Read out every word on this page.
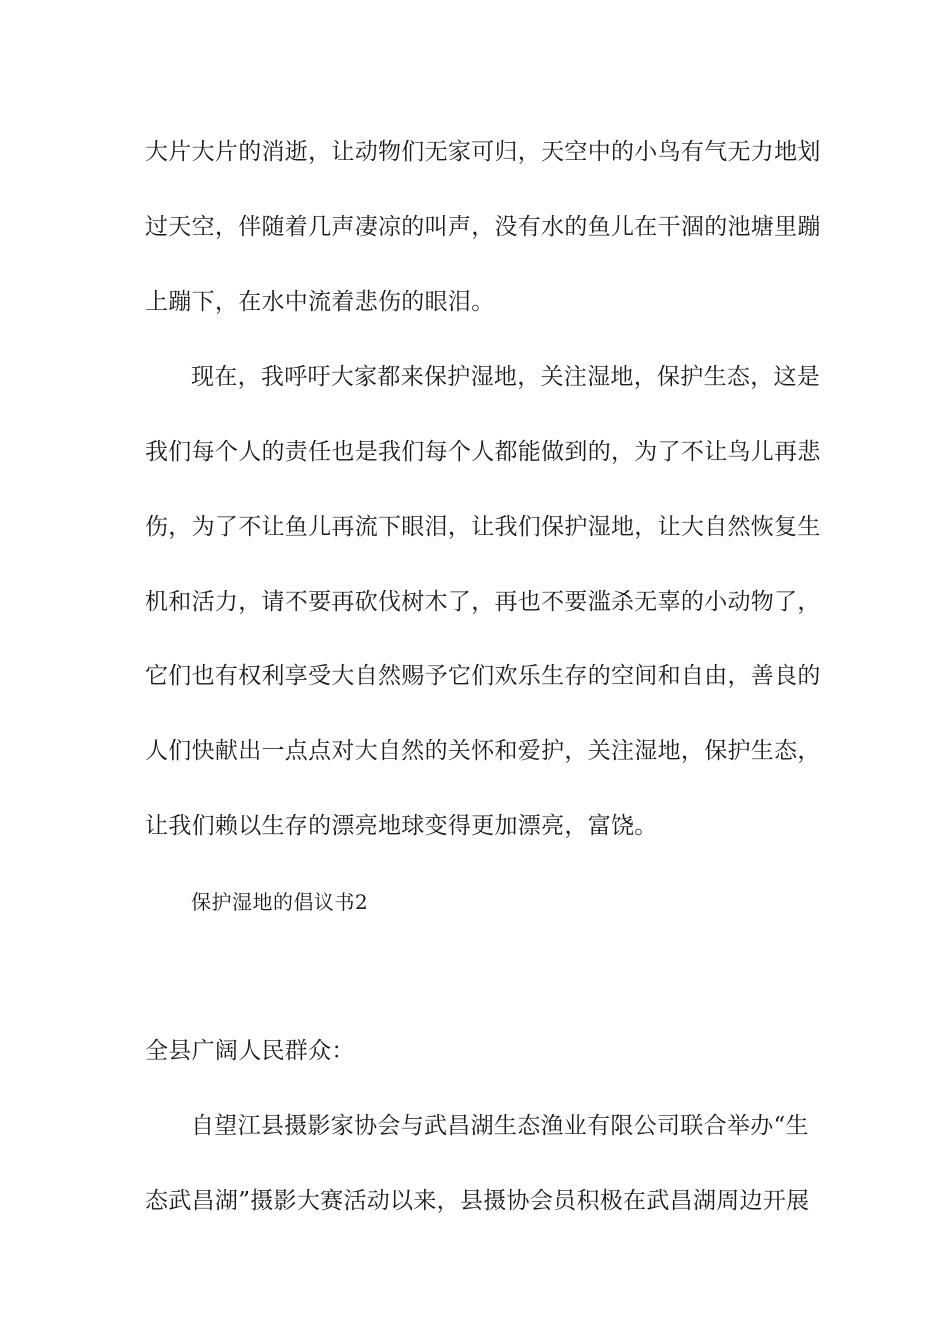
大片大片的消逝，让动物们无家可归，天空中的小鸟有气无力地划
过天空，伴随着几声凄凉的叫声，没有水的鱼儿在干涸的池塘里蹦
上蹦下，在水中流着悲伤的眼泪。
现在，我呼吁大家都来保护湿地，关注湿地，保护生态，这是
我们每个人的责任也是我们每个人都能做到的，为了不让鸟儿再悲
伤，为了不让鱼儿再流下眼泪，让我们保护湿地，让大自然恢复生
机和活力，请不要再砍伐树木了，再也不要滥杀无辜的小动物了，
它们也有权利享受大自然赐予它们欢乐生存的空间和自由，善良的
人们快献出一点点对大自然的关怀和爱护，关注湿地，保护生态，
让我们赖以生存的漂亮地球变得更加漂亮，富饶。
保护湿地的倡议书2
全县广阔人民群众：
自望江县摄影家协会与武昌湖生态渔业有限公司联合举办“生
态武昌湖”摄影大赛活动以来，县摄协会员积极在武昌湖周边开展
